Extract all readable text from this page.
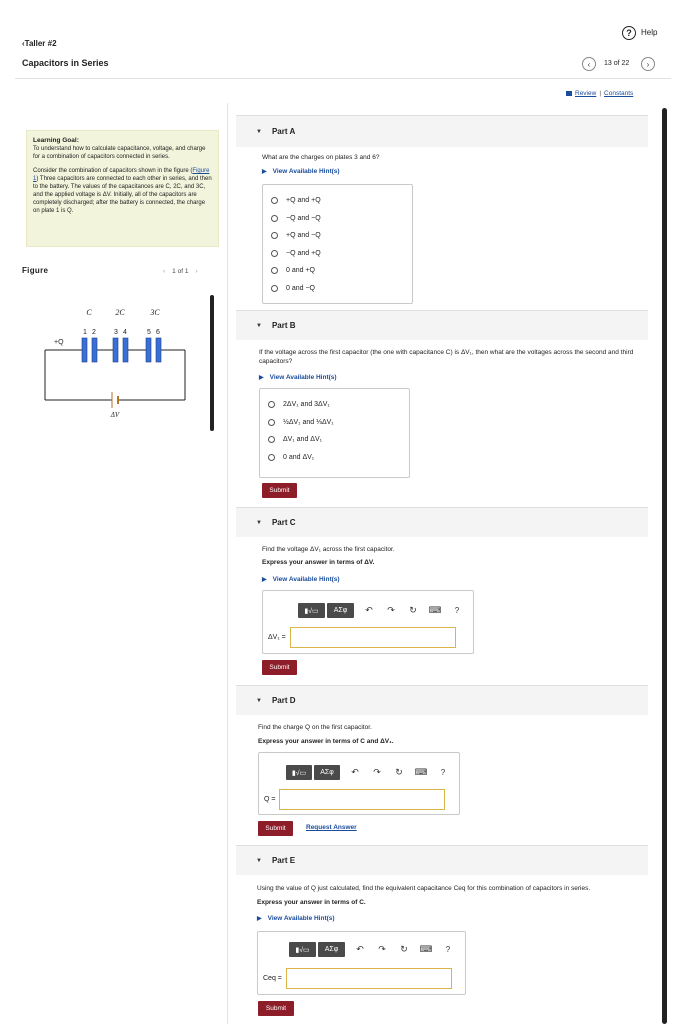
? Help
‹Taller #2
Capacitors in Series	‹ 13 of 22 ›
Review | Constants

Learning Goal:
To understand how to calculate capacitance, voltage, and charge for a combination of capacitors connected in series.

Consider the combination of capacitors shown in the figure (Figure 1) Three capacitors are connected to each other in series, and then to the battery. The values of the capacitances are C, 2C, and 3C, and the applied voltage is ΔV. Initially, all of the capacitors are completely discharged; after the battery is connected, the charge on plate 1 is Q.

Figure	‹ 1 of 1 ›
C	2C	3C
1 2	3 4	5 6
+Q
ΔV
▼ Part A
What are the charges on plates 3 and 6?
▶ View Available Hint(s)
+Q and +Q
−Q and −Q
+Q and −Q
−Q and +Q
0 and +Q
0 and −Q
▼ Part B
If the voltage across the first capacitor (the one with capacitance C) is ΔV₁, then what are the voltages across the second and third capacitors?
▶ View Available Hint(s)
2ΔV₁ and 3ΔV₁
½ΔV₁ and ⅓ΔV₁
ΔV₁ and ΔV₁
0 and ΔV₁
Submit
▼ Part C
Find the voltage ΔV₁ across the first capacitor.
Express your answer in terms of ΔV.
▶ View Available Hint(s)
▮√▭	ΑΣφ	↶	↷	↻	⌨	?
ΔV₁ =
Submit
▼ Part D
Find the charge Q on the first capacitor.
Express your answer in terms of C and ΔV₁.
▮√▭	ΑΣφ	↶	↷	↻	⌨	?
Q =
Submit	Request Answer
▼ Part E
Using the value of Q just calculated, find the equivalent capacitance Ceq for this combination of capacitors in series.
Express your answer in terms of C.
▶ View Available Hint(s)
▮√▭	ΑΣφ	↶	↷	↻	⌨	?
Ceq =
Submit
